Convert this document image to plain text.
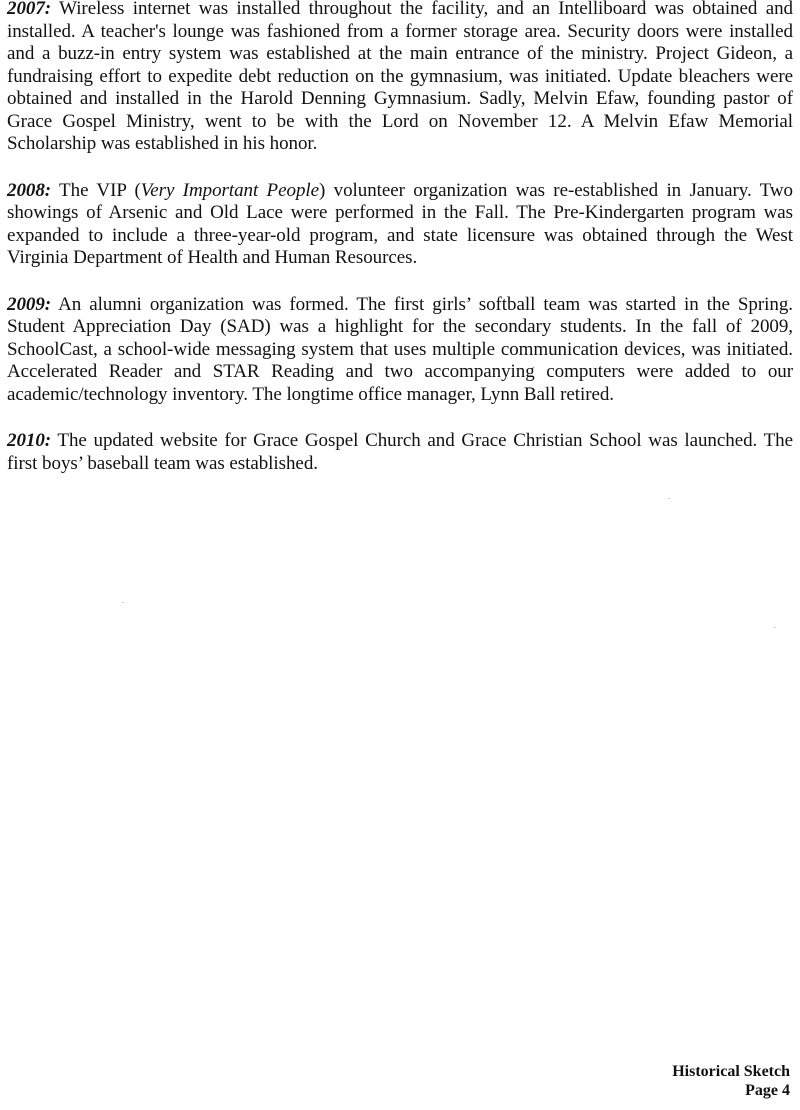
2007: Wireless internet was installed throughout the facility, and an Intelliboard was obtained and installed. A teacher's lounge was fashioned from a former storage area. Security doors were installed and a buzz-in entry system was established at the main entrance of the ministry. Project Gideon, a fundraising effort to expedite debt reduction on the gymnasium, was initiated. Update bleachers were obtained and installed in the Harold Denning Gymnasium. Sadly, Melvin Efaw, founding pastor of Grace Gospel Ministry, went to be with the Lord on November 12. A Melvin Efaw Memorial Scholarship was established in his honor.

2008: The VIP (Very Important People) volunteer organization was re-established in January. Two showings of Arsenic and Old Lace were performed in the Fall. The Pre-Kindergarten program was expanded to include a three-year-old program, and state licensure was obtained through the West Virginia Department of Health and Human Resources.

2009: An alumni organization was formed. The first girls’ softball team was started in the Spring. Student Appreciation Day (SAD) was a highlight for the secondary students. In the fall of 2009, SchoolCast, a school-wide messaging system that uses multiple communication devices, was initiated. Accelerated Reader and STAR Reading and two accompanying computers were added to our academic/technology inventory. The longtime office manager, Lynn Ball retired.

2010: The updated website for Grace Gospel Church and Grace Christian School was launched. The first boys’ baseball team was established.

Historical Sketch
Page 4
